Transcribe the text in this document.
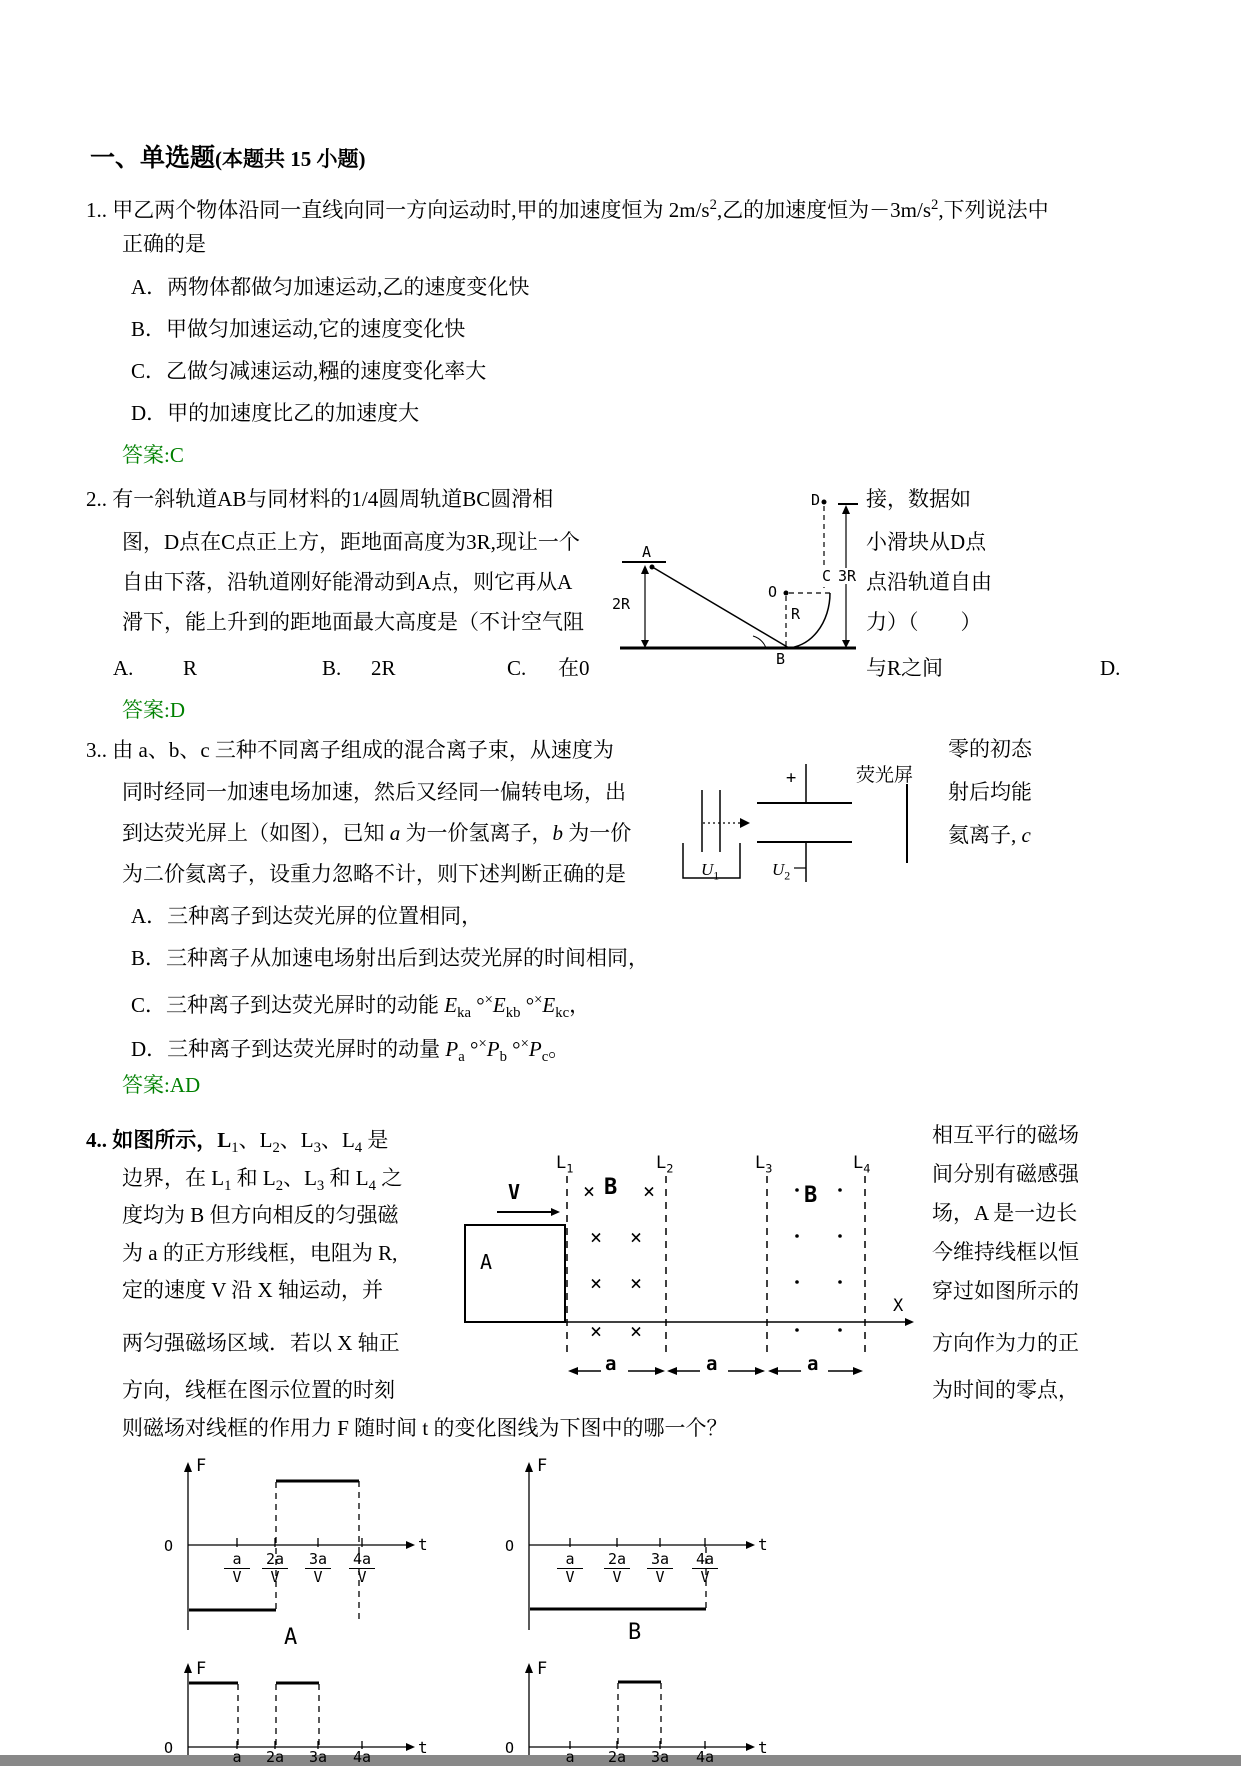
一、单选题(本题共 15 小题)
1.. 甲乙两个物体沿同一直线向同一方向运动时,甲的加速度恒为 $2m/s^2$,乙的加速度恒为$-3m/s^2$,下列说法中
正确的是
A．两物体都做匀加速运动,乙的速度变化快
B．甲做匀加速运动,它的速度变化快
C．乙做匀减速运动,糨的速度变化率大
D．甲的加速度比乙的加速度大
答案:C
2.. 有一斜轨道AB与同材料的1/4圆周轨道BC圆滑相
图，D点在C点正上方，距地面高度为3R,现让一个
自由下落，沿轨道刚好能滑动到A点，则它再从A
滑下，能上升到的距地面最大高度是（不计空气阻
接，数据如
小滑块从D点
点沿轨道自由
力）（　　）
A. R	B. 2R	C. 在0	与R之间	D.
答案:D
A
D
O
C 3R
2R
R
B
3.. 由 a、b、c 三种不同离子组成的混合离子束，从速度为
同时经同一加速电场加速，然后又经同一偏转电场，出
到达荧光屏上（如图），已知 a 为一价氢离子，b 为一价
为二价氦离子，设重力忽略不计，则下述判断正确的是
零的初态
射后均能
氦离子, c
A．三种离子到达荧光屏的位置相同，
B．三种离子从加速电场射出后到达荧光屏的时间相同，
C．三种离子到达荧光屏时的动能 $E_{ka}$ $^\circ^\times E_{kb}$ $^\circ^\times E_{kc}$，
D．三种离子到达荧光屏时的动量 $P_a$ $^\circ^\times P_b$ $^\circ^\times P_c$。
答案:AD
+
$U_1$	$U_2$
荧光屏
4.. 如图所示，$L_1$、$L_2$、$L_3$、$L_4$ 是
边界，在 $L_1$ 和 $L_2$、$L_3$ 和 $L_4$ 之
度均为 B 但方向相反的匀强磁
为 a 的正方形线框，电阻为 R,
定的速度 V 沿 X 轴运动，并
两匀强磁场区域．若以 X 轴正
方向，线框在图示位置的时刻
相互平行的磁场
间分别有磁感强
场，A 是一边长
今维持线框以恒
穿过如图所示的
方向作为力的正
为时间的零点，
则磁场对线框的作用力 F 随时间 t 的变化图线为下图中的哪一个？
× ×
× ×
× ×
× ×
$L_1$	$L_2$	$L_3$	$L_4$
V
A
X
B	B
a	a	a
F
t
O
$\frac{a}{V} \frac{2a}{V} \frac{3a}{V} \frac{4a}{V}$
A
F
t
O
$\frac{a}{V} \frac{2a}{V} \frac{3a}{V} \frac{4a}{V}$
B
F
t
O	a	2a	3a	4a
F
t
O	a	2a	3a	4a
